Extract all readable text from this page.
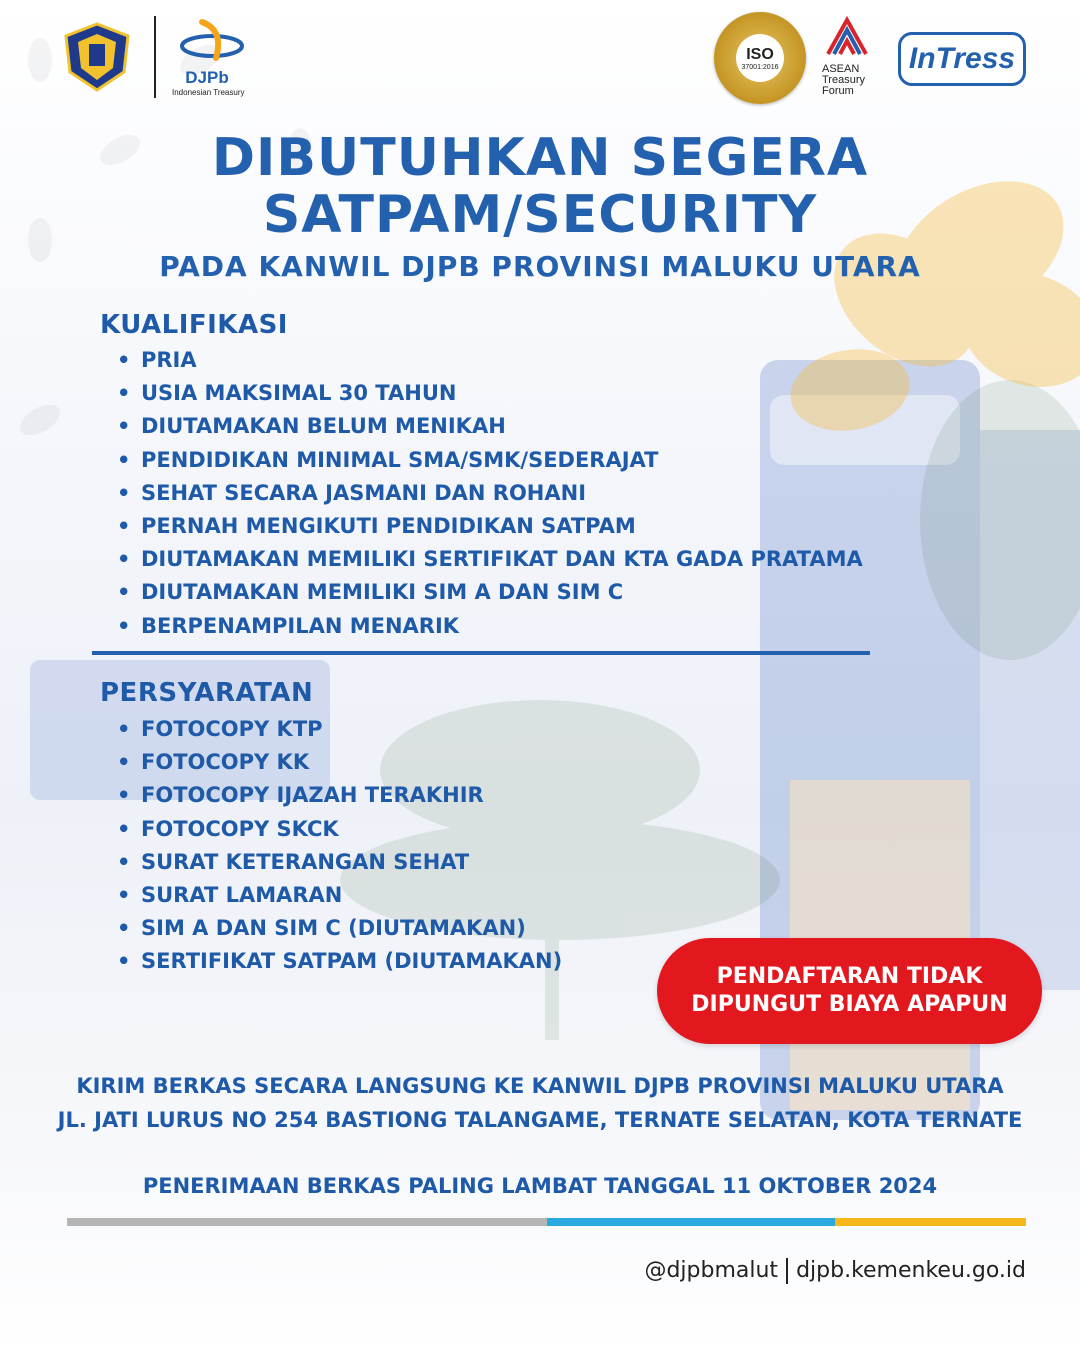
DJPb
Indonesian Treasury
ISO
37001:2016	ASEAN
Treasury
Forum
InTress
DIBUTUHKAN SEGERA
SATPAM/SECURITY
PADA KANWIL DJPB PROVINSI MALUKU UTARA
KUALIFIKASI
• PRIA
• USIA MAKSIMAL 30 TAHUN
• DIUTAMAKAN BELUM MENIKAH
• PENDIDIKAN MINIMAL SMA/SMK/SEDERAJAT
• SEHAT SECARA JASMANI DAN ROHANI
• PERNAH MENGIKUTI PENDIDIKAN SATPAM
• DIUTAMAKAN MEMILIKI SERTIFIKAT DAN KTA GADA PRATAMA
• DIUTAMAKAN MEMILIKI SIM A DAN SIM C
• BERPENAMPILAN MENARIK
PERSYARATAN
• FOTOCOPY KTP
• FOTOCOPY KK
• FOTOCOPY IJAZAH TERAKHIR
• FOTOCOPY SKCK
• SURAT KETERANGAN SEHAT
• SURAT LAMARAN
• SIM A DAN SIM C (DIUTAMAKAN)
• SERTIFIKAT SATPAM (DIUTAMAKAN)
PENDAFTARAN TIDAK
DIPUNGUT BIAYA APAPUN
KIRIM BERKAS SECARA LANGSUNG KE KANWIL DJPB PROVINSI MALUKU UTARA
JL. JATI LURUS NO 254 BASTIONG TALANGAME, TERNATE SELATAN, KOTA TERNATE
PENERIMAAN BERKAS PALING LAMBAT TANGGAL 11 OKTOBER 2024
@djpbmalut djpb.kemenkeu.go.id
